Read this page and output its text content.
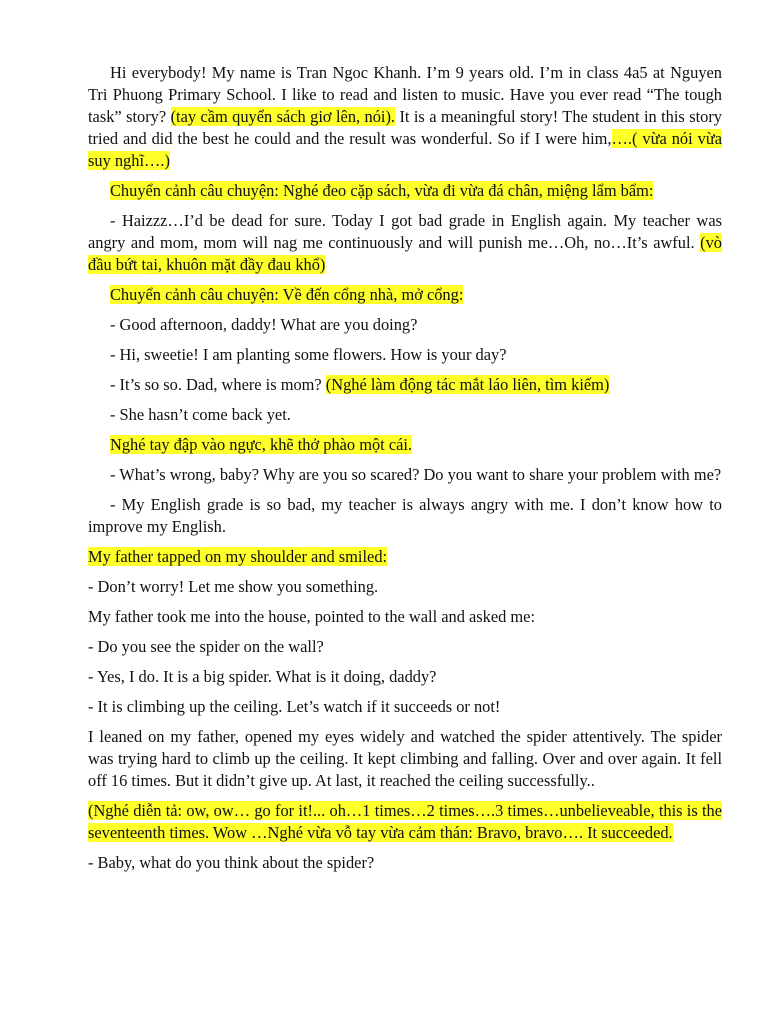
Hi everybody! My name is Tran Ngoc Khanh. I’m 9 years old. I’m in class 4a5 at Nguyen Tri Phuong Primary School. I like to read and listen to music. Have you ever read “The tough task” story? (tay cầm quyển sách giơ lên, nói). It is a meaningful story! The student in this story tried and did the best he could and the result was wonderful. So if I were him,….( vừa nói vừa suy nghĩ….)

Chuyển cảnh câu chuyện: Nghé đeo cặp sách, vừa đi vừa đá chân, miệng lẩm bẩm:

- Haizzz…I’d be dead for sure. Today I got bad grade in English again. My teacher was angry and mom, mom will nag me continuously and will punish me…Oh, no…It’s awful. (vò đầu bứt tai, khuôn mặt đầy đau khổ)

Chuyển cảnh câu chuyện: Về đến cổng nhà, mở cổng:

- Good afternoon, daddy! What are you doing?

- Hi, sweetie! I am planting some flowers. How is your day?

- It’s so so. Dad, where is mom? (Nghé làm động tác mắt láo liên, tìm kiếm)

- She hasn’t come back yet.

Nghé tay đập vào ngực, khẽ thở phào một cái.

- What’s wrong, baby? Why are you so scared? Do you want to share your problem with me?

- My English grade is so bad, my teacher is always angry with me. I don’t know how to improve my English.

My father tapped on my shoulder and smiled:

- Don’t worry! Let me show you something.

My father took me into the house, pointed to the wall and asked me:

- Do you see the spider on the wall?

- Yes, I do. It is a big spider. What is it doing, daddy?

- It is climbing up the ceiling. Let’s watch if it succeeds or not!

I leaned on my father, opened my eyes widely and watched the spider attentively. The spider was trying hard to climb up the ceiling. It kept climbing and falling. Over and over again. It fell off 16 times. But it didn’t give up. At last, it reached the ceiling successfully..

(Nghé diễn tả: ow, ow… go for it!... oh…1 times…2 times….3 times…unbelieveable, this is the seventeenth times. Wow …Nghé vừa vỗ tay vừa cảm thán: Bravo, bravo…. It succeeded.

- Baby, what do you think about the spider?
